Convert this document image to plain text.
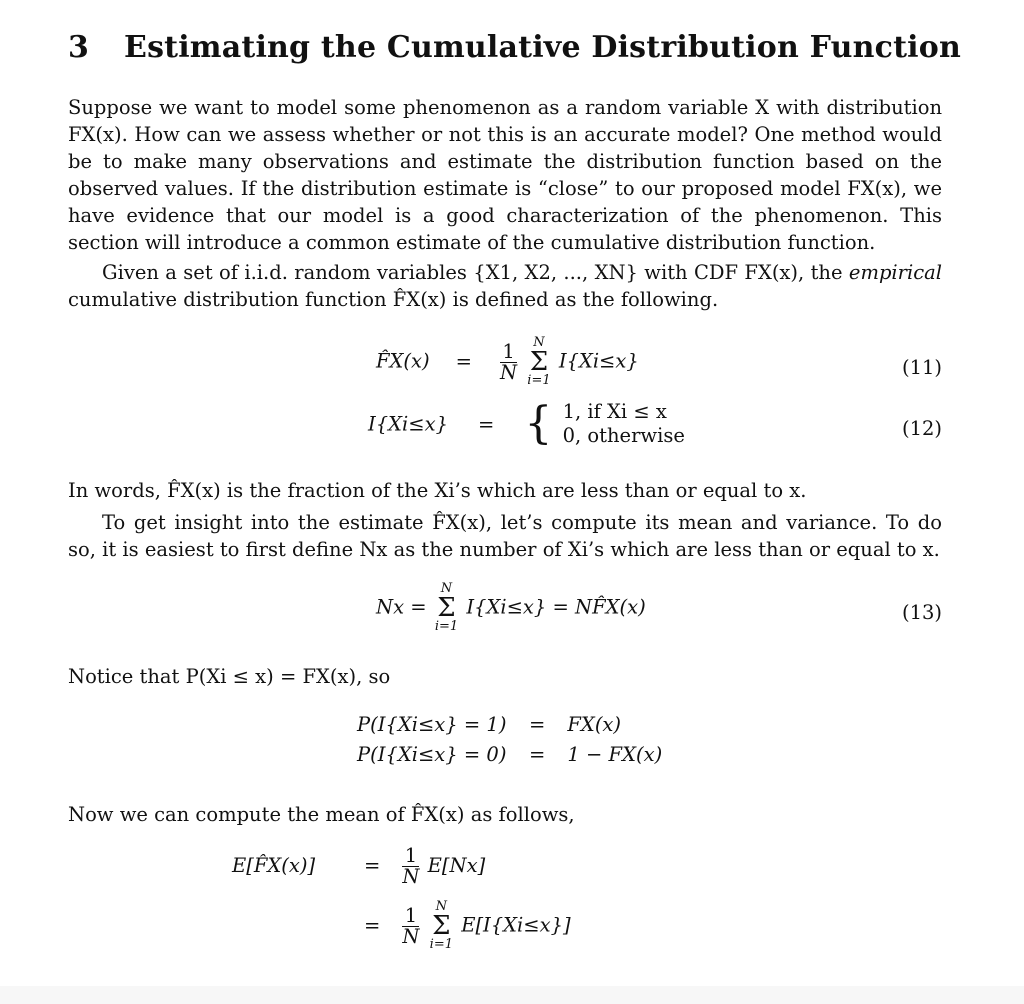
3 Estimating the Cumulative Distribution Function
Suppose we want to model some phenomenon as a random variable X with distribution FX(x). How can we assess whether or not this is an accurate model? One method would be to make many observations and estimate the distribution function based on the observed values. If the distribution estimate is “close” to our proposed model FX(x), we have evidence that our model is a good characterization of the phenomenon. This section will introduce a common estimate of the cumulative distribution function.
Given a set of i.i.d. random variables {X1, X2, ..., XN} with CDF FX(x), the empirical cumulative distribution function F̂X(x) is defined as the following.
F̂X(x) = $\frac{1}{N}$
	N
Σ
i=1
I{Xi≤x}	(11)
I{Xi≤x} = { 1, if Xi ≤ x
0, otherwise	(12)
In words, F̂X(x) is the fraction of the Xi’s which are less than or equal to x.
To get insight into the estimate F̂X(x), let’s compute its mean and variance. To do so, it is easiest to first define Nx as the number of Xi’s which are less than or equal to x.
Nx =
N
Σ
i=1
I{Xi≤x} = NF̂X(x)	(13)
Notice that P(Xi ≤ x) = FX(x), so
P(I{Xi≤x} = 1) = FX(x)
P(I{Xi≤x} = 0) = 1 − FX(x)
Now we can compute the mean of F̂X(x) as follows,
E[F̂X(x)]	= $\frac{1}{N} E[Nx]$
= $\frac{1}{N}$
	N
Σ
i=1
E[I{Xi≤x}]
